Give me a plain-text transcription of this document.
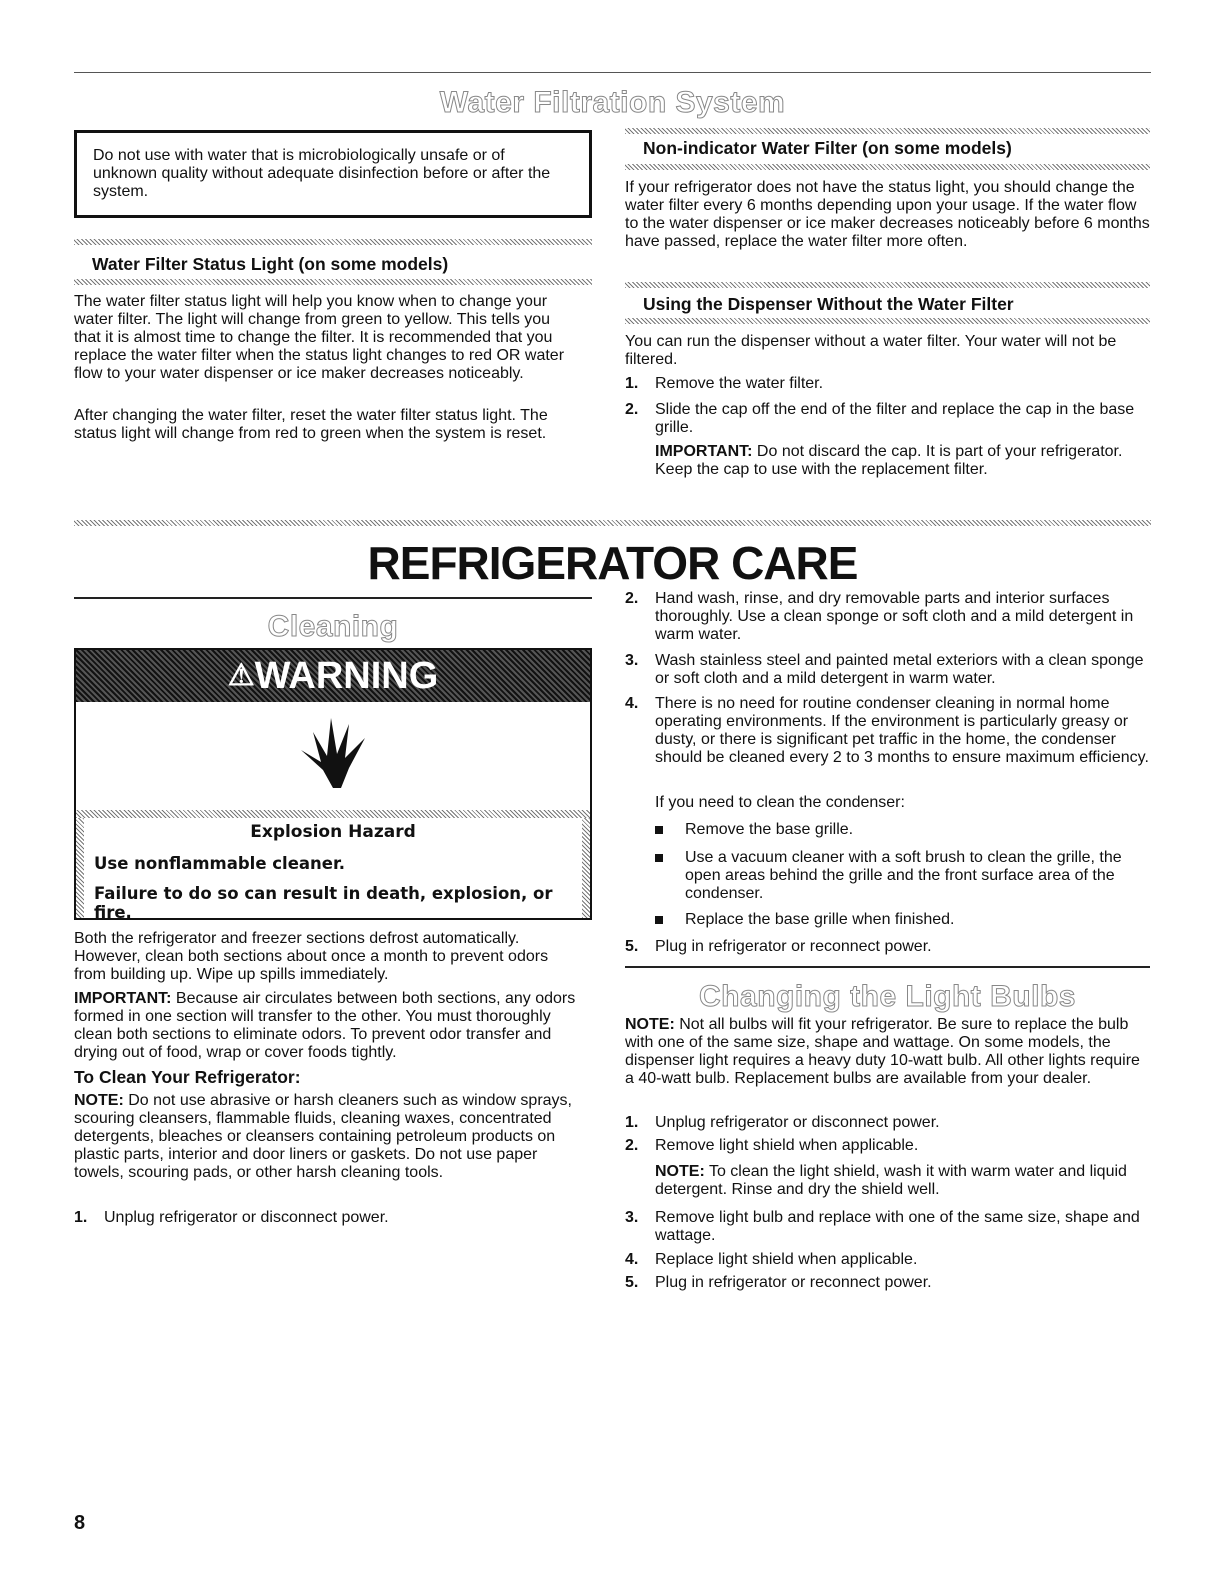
Water Filtration System

Do not use with water that is microbiologically unsafe or of unknown quality without adequate disinfection before or after the system.

Water Filter Status Light (on some models)

The water filter status light will help you know when to change your water filter. The light will change from green to yellow. This tells you that it is almost time to change the filter. It is recommended that you replace the water filter when the status light changes to red OR water flow to your water dispenser or ice maker decreases noticeably.

After changing the water filter, reset the water filter status light. The status light will change from red to green when the system is reset.

Non-indicator Water Filter (on some models)

If your refrigerator does not have the status light, you should change the water filter every 6 months depending upon your usage. If the water flow to the water dispenser or ice maker decreases noticeably before 6 months have passed, replace the water filter more often.

Using the Dispenser Without the Water Filter

You can run the dispenser without a water filter. Your water will not be filtered.

1. Remove the water filter.
2. Slide the cap off the end of the filter and replace the cap in the base grille.

IMPORTANT: Do not discard the cap. It is part of your refrigerator. Keep the cap to use with the replacement filter.

REFRIGERATOR CARE
Cleaning
⚠WARNING
Explosion Hazard
Use nonflammable cleaner.
Failure to do so can result in death, explosion, or fire.

Both the refrigerator and freezer sections defrost automatically. However, clean both sections about once a month to prevent odors from building up. Wipe up spills immediately.

IMPORTANT: Because air circulates between both sections, any odors formed in one section will transfer to the other. You must thoroughly clean both sections to eliminate odors. To prevent odor transfer and drying out of food, wrap or cover foods tightly.

To Clean Your Refrigerator:

NOTE: Do not use abrasive or harsh cleaners such as window sprays, scouring cleansers, flammable fluids, cleaning waxes, concentrated detergents, bleaches or cleansers containing petroleum products on plastic parts, interior and door liners or gaskets. Do not use paper towels, scouring pads, or other harsh cleaning tools.

1. Unplug refrigerator or disconnect power.
2. Hand wash, rinse, and dry removable parts and interior surfaces thoroughly. Use a clean sponge or soft cloth and a mild detergent in warm water.
3. Wash stainless steel and painted metal exteriors with a clean sponge or soft cloth and a mild detergent in warm water.
4. There is no need for routine condenser cleaning in normal home operating environments. If the environment is particularly greasy or dusty, or there is significant pet traffic in the home, the condenser should be cleaned every 2 to 3 months to ensure maximum efficiency.

If you need to clean the condenser:

Remove the base grille.
Use a vacuum cleaner with a soft brush to clean the grille, the open areas behind the grille and the front surface area of the condenser.
Replace the base grille when finished.
5. Plug in refrigerator or reconnect power.
Changing the Light Bulbs

NOTE: Not all bulbs will fit your refrigerator. Be sure to replace the bulb with one of the same size, shape and wattage. On some models, the dispenser light requires a heavy duty 10-watt bulb. All other lights require a 40-watt bulb. Replacement bulbs are available from your dealer.

1. Unplug refrigerator or disconnect power.
2. Remove light shield when applicable.

NOTE: To clean the light shield, wash it with warm water and liquid detergent. Rinse and dry the shield well.

3. Remove light bulb and replace with one of the same size, shape and wattage.
4. Replace light shield when applicable.
5. Plug in refrigerator or reconnect power.
8
